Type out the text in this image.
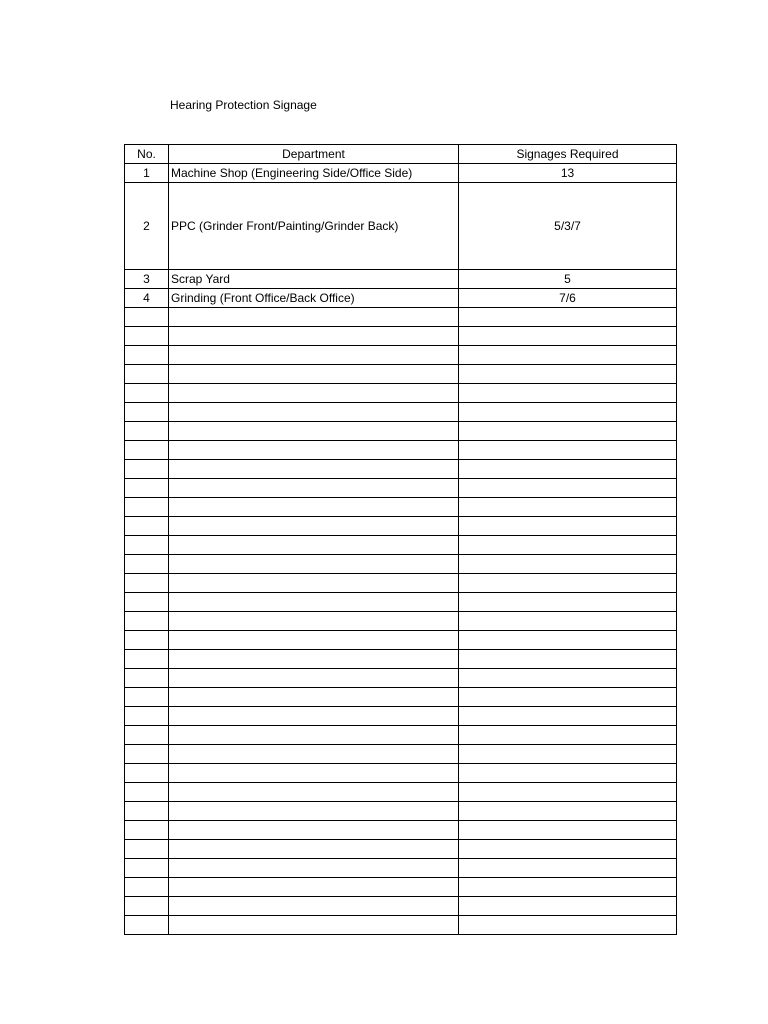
Hearing Protection Signage
No.	Department	Signages Required
1	Machine Shop (Engineering Side/Office Side)	13
2	PPC (Grinder Front/Painting/Grinder Back)	5/3/7
3	Scrap Yard	5
4	Grinding (Front Office/Back Office)	7/6
